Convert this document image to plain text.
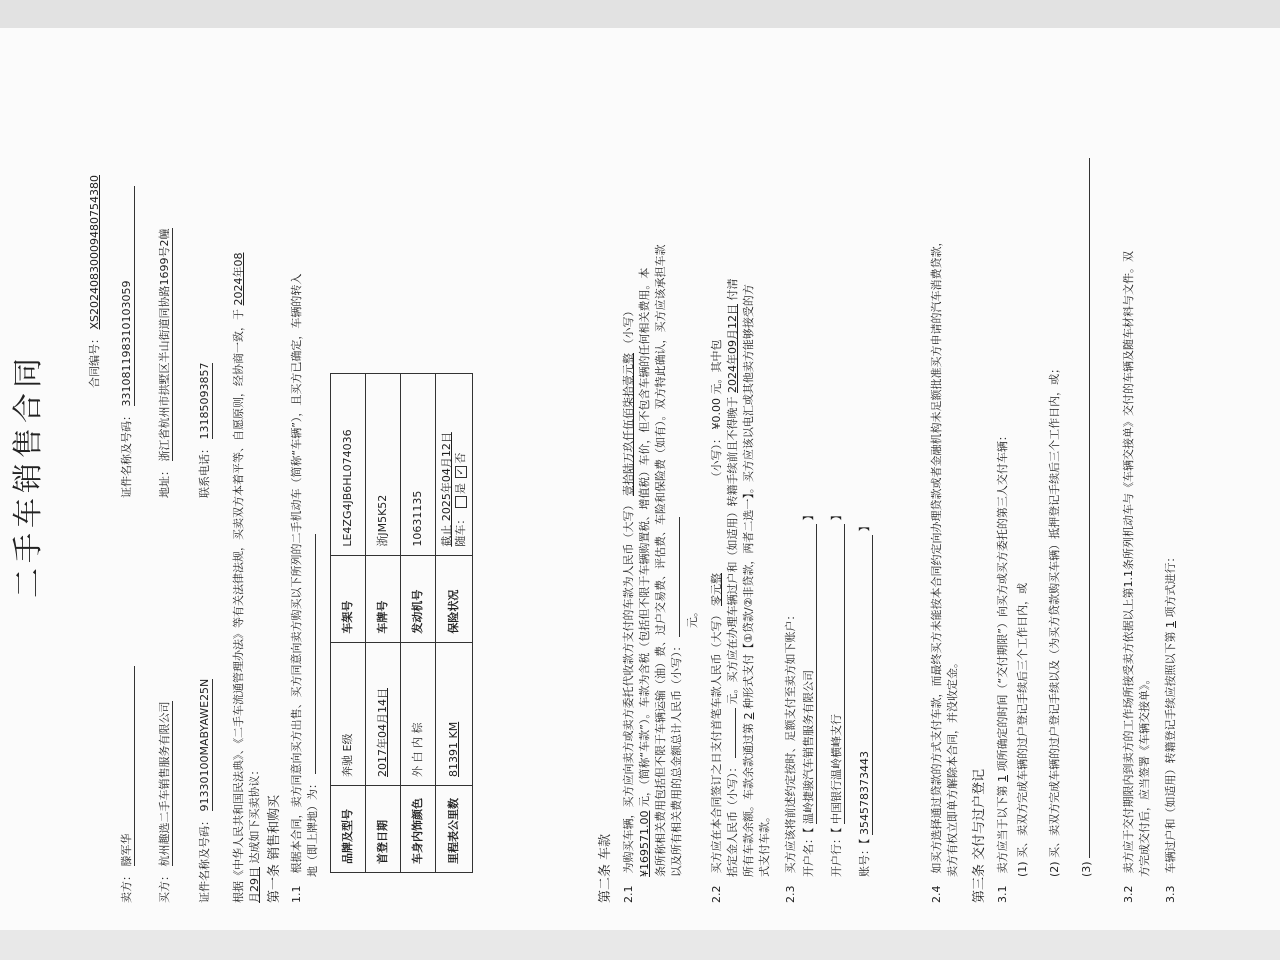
二手车销售合同	合同编号： XS202408300094807543​80
卖方： 滕军华
证件名称及号码： 3310811983​10103059
买方： 杭州趣选二手车销售服务有限公司
地址： 浙江省杭州市拱墅区半山街道同协路1699号2幢
证件名称及号码： 91330100MABYAWE25N
联系电话： 13185093857 根据《中华人民共和国民法典》、《二手车流通管理办法》等有关法律法规，买卖双方本着平等、自愿原则，经协商一致，于 2024年08
月29日 达成如下买卖协议： 第一条 销售和购买 1.1 根据本合同，卖方同意向买方出售、买方同意向卖方购买以下所列的二手机动车（简称“车辆”），且买方已确定，车辆的转入 地（即上牌地）为： 品牌及型号	奔驰 E级	车架号	LE4ZG4JB6HL074036
首登日期	2017年04月14日	车牌号	浙JM5K52
车身内饰颜色	外 白 内 棕	发动机号	10631135
里程表公里数	81391 KM	保险状况	截止 2025年04月12日 随车： 是 ✓否
第二条 车款 2.1 为购买车辆，买方应向卖方或卖方委托代收款方支付的车款为人民币（大写） 壹拾陆万玖仟伍佰柒拾壹元整 （小写）
¥169571.00 元，（简称“车款”）。车款为含税（包括但不限于车辆购置税、增值税）车价，但不包含车辆的任何相关费用。本 条所称相关费用包括但不限于车辆运输（油）费、过户交易费、评估费、车险和保险费（如有）。双方特此确认，买方应该承担车款 以及所有相关费用的总金额总计人民币（小写）：
元。
2.2 买方应在本合同签订之日支付首笔车款人民币（大写） 零元整 （小写）： ¥0.00 元。其中包
括定金人民币（小写）：  元。买方应在办理车辆过户和（如适用）转籍手续前且不得晚于 2024年09月12日 付清
所有车款余额。车款余款通过第 2 种形式支付【①贷款/②非贷款，两者二选一】。买方应该以电汇或其他卖方能够接受的方
式支付车款。
2.3 买方应该将前述约定按时、足额支付至卖方如下账户： 开户名：【 温岭捷骏汽车销售服务有限公司 】
开户行：【 中国银行温岭横峰支行 】
账号：【 354578373443 】
2.4 如买方选择通过贷款的方式支付车款，而最终买方未能按本合同约定向办理贷款或者金融机构未足额批准买方申请的汽车消费贷款， 卖方有权立即单方解除本合同，并没收定金。 第三条 交付与过户登记 3.1 卖方应当于以下第 1 项所确定的时间（“交付期限”）向买方或买方委托的第三人交付车辆： (1) 买、卖双方完成车辆的过户登记手续后三个工作日内，或 (2) 买、卖双方完成车辆的过户登记手续以及（为买方贷款购买车辆）抵押登记手续后三个工作日内，或； (3)
3.2 卖方应于交付期限内到卖方的工作场所接受卖方依据以上第1.1条所列机动车与《车辆交接单》交付的车辆及随车材料与文件。双 方完成交付后，应当签署《车辆交接单》。
3.3 车辆过户和（如适用）转籍登记手续应按照以下第 1 项方式进行：
